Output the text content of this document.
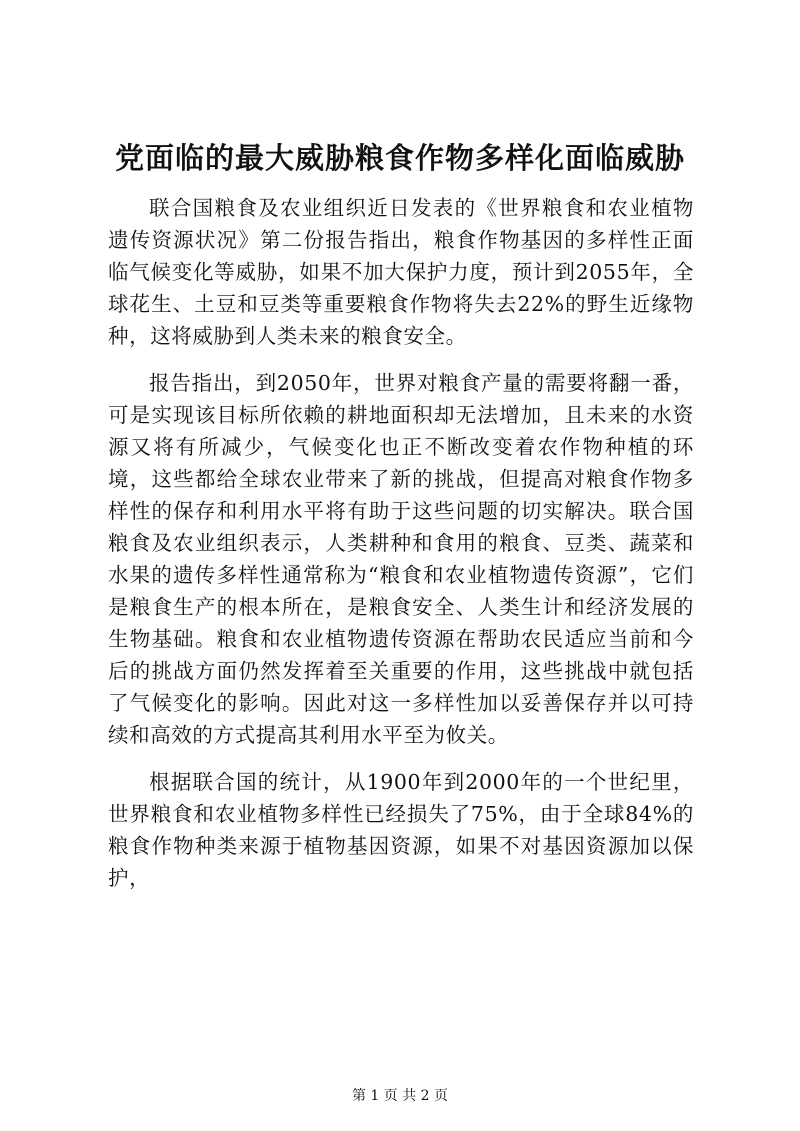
党面临的最大威胁粮食作物多样化面临威胁

联合国粮食及农业组织近日发表的《世界粮食和农业植物遗传资源状况》第二份报告指出，粮食作物基因的多样性正面临气候变化等威胁，如果不加大保护力度，预计到2055年，全球花生、土豆和豆类等重要粮食作物将失去22%的野生近缘物种，这将威胁到人类未来的粮食安全。

报告指出，到2050年，世界对粮食产量的需要将翻一番，可是实现该目标所依赖的耕地面积却无法增加，且未来的水资源又将有所减少，气候变化也正不断改变着农作物种植的环境，这些都给全球农业带来了新的挑战，但提高对粮食作物多样性的保存和利用水平将有助于这些问题的切实解决。联合国粮食及农业组织表示，人类耕种和食用的粮食、豆类、蔬菜和水果的遗传多样性通常称为“粮食和农业植物遗传资源”，它们是粮食生产的根本所在，是粮食安全、人类生计和经济发展的生物基础。粮食和农业植物遗传资源在帮助农民适应当前和今后的挑战方面仍然发挥着至关重要的作用，这些挑战中就包括了气候变化的影响。因此对这一多样性加以妥善保存并以可持续和高效的方式提高其利用水平至为攸关。

根据联合国的统计，从1900年到2000年的一个世纪里，世界粮食和农业植物多样性已经损失了75%，由于全球84%的粮食作物种类来源于植物基因资源，如果不对基因资源加以保护，

第 1 页 共 2 页
